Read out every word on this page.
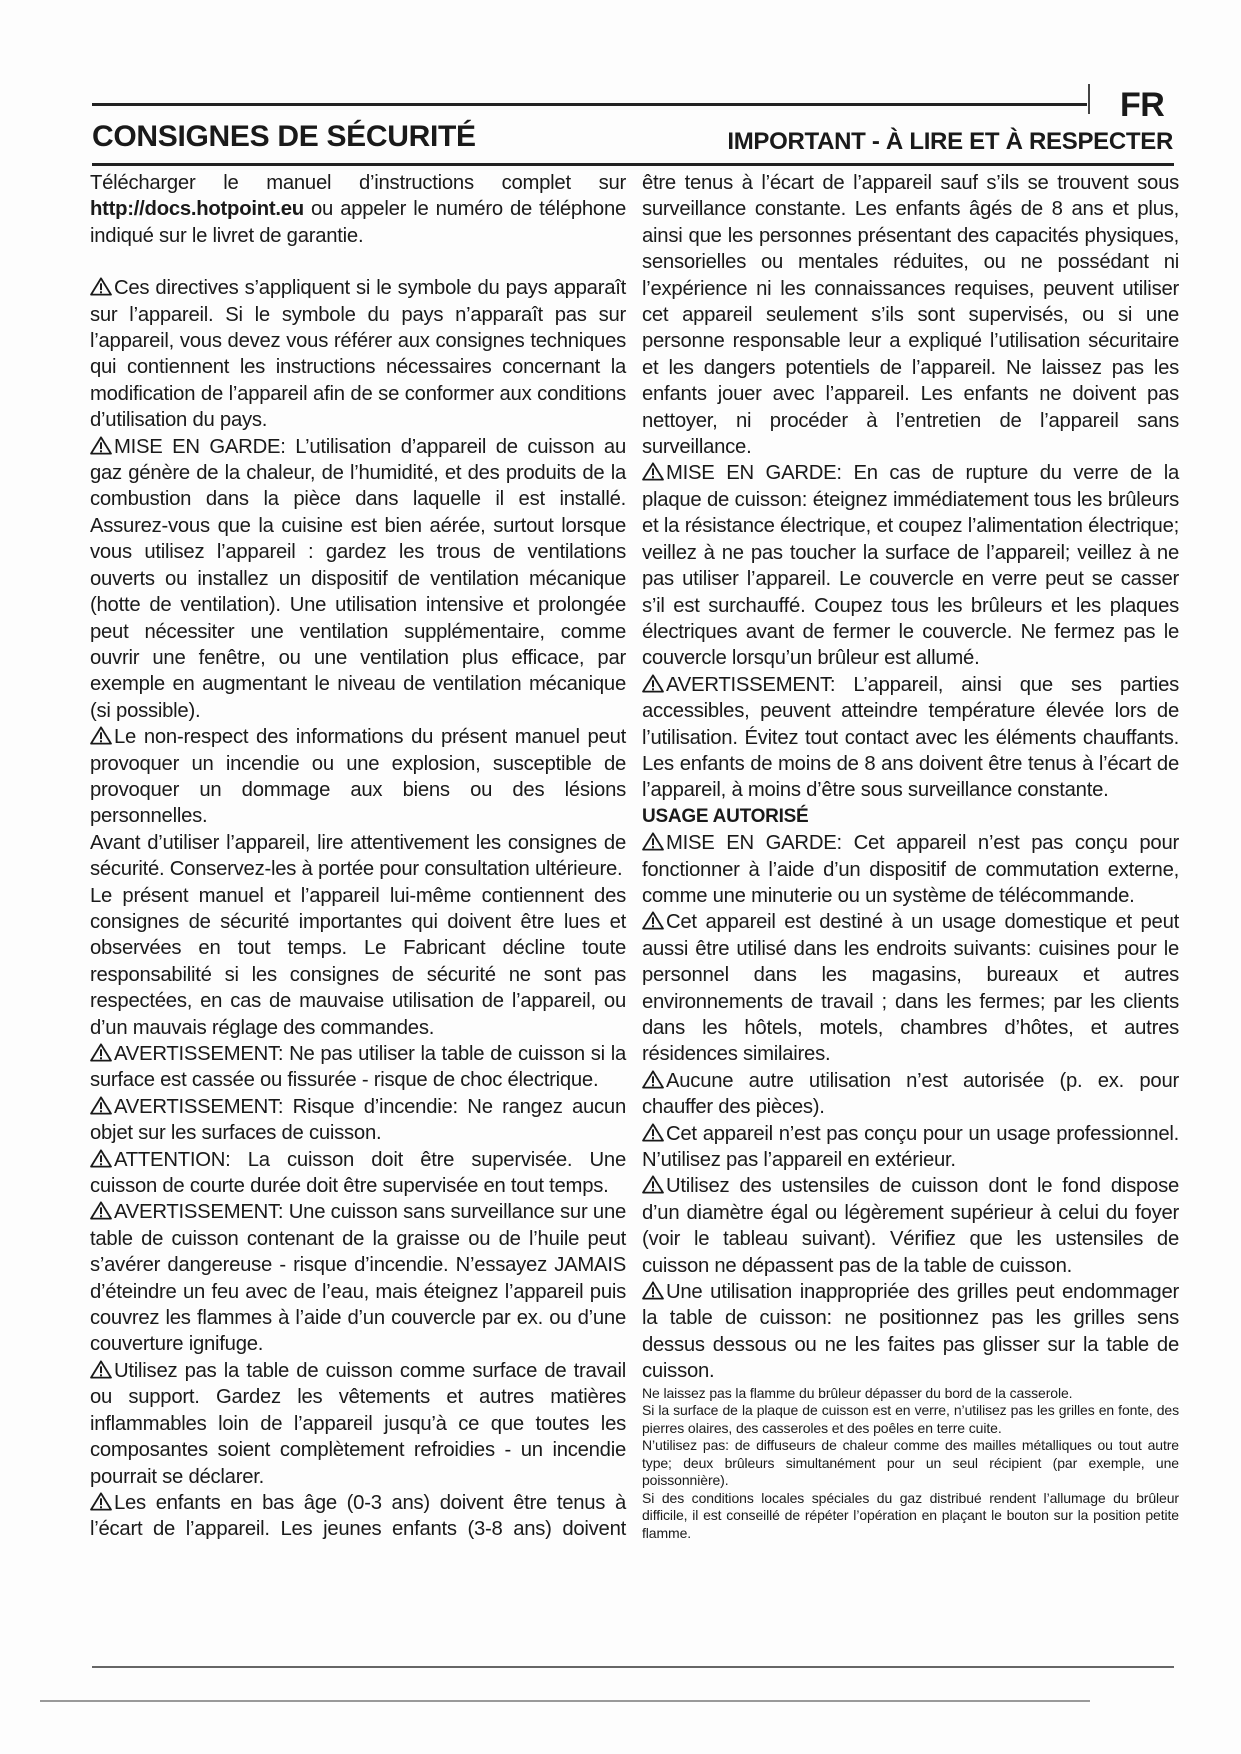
FR
CONSIGNES DE SÉCURITÉ	IMPORTANT - À LIRE ET À RESPECTER

Télécharger le manuel d’instructions complet sur http://docs.hotpoint.eu ou appeler le numéro de téléphone indiqué sur le livret de garantie.

Ces directives s’appliquent si le symbole du pays apparaît sur l’appareil. Si le symbole du pays n’apparaît pas sur l’appareil, vous devez vous référer aux consignes techniques qui contiennent les instructions nécessaires concernant la modification de l’appareil afin de se conformer aux conditions d’utilisation du pays.

MISE EN GARDE: L’utilisation d’appareil de cuisson au gaz génère de la chaleur, de l’humidité, et des produits de la combustion dans la pièce dans laquelle il est installé. Assurez-vous que la cuisine est bien aérée, surtout lorsque vous utilisez l’appareil : gardez les trous de ventilations ouverts ou installez un dispositif de ventilation mécanique (hotte de ventilation). Une utilisation intensive et prolongée peut nécessiter une ventilation supplémentaire, comme ouvrir une fenêtre, ou une ventilation plus efficace, par exemple en augmentant le niveau de ventilation mécanique (si possible).

Le non-respect des informations du présent manuel peut provoquer un incendie ou une explosion, susceptible de provoquer un dommage aux biens ou des lésions personnelles.

Avant d’utiliser l’appareil, lire attentivement les consignes de sécurité. Conservez-les à portée pour consultation ultérieure.

Le présent manuel et l’appareil lui-même contiennent des consignes de sécurité importantes qui doivent être lues et observées en tout temps. Le Fabricant décline toute responsabilité si les consignes de sécurité ne sont pas respectées, en cas de mauvaise utilisation de l’appareil, ou d’un mauvais réglage des commandes.

AVERTISSEMENT: Ne pas utiliser la table de cuisson si la surface est cassée ou fissurée - risque de choc électrique.

AVERTISSEMENT: Risque d’incendie: Ne rangez aucun objet sur les surfaces de cuisson.

ATTENTION: La cuisson doit être supervisée. Une cuisson de courte durée doit être supervisée en tout temps.

AVERTISSEMENT: Une cuisson sans surveillance sur une table de cuisson contenant de la graisse ou de l’huile peut s’avérer dangereuse - risque d’incendie. N’essayez JAMAIS d’éteindre un feu avec de l’eau, mais éteignez l’appareil puis couvrez les flammes à l’aide d’un couvercle par ex. ou d’une couverture ignifuge.

Utilisez pas la table de cuisson comme surface de travail ou support. Gardez les vêtements et autres matières inflammables loin de l’appareil jusqu’à ce que toutes les composantes soient complètement refroidies - un incendie pourrait se déclarer.

Les enfants en bas âge (0-3 ans) doivent être tenus à l’écart de l’appareil. Les jeunes enfants (3-8 ans) doivent

être tenus à l’écart de l’appareil sauf s’ils se trouvent sous surveillance constante. Les enfants âgés de 8 ans et plus, ainsi que les personnes présentant des capacités physiques, sensorielles ou mentales réduites, ou ne possédant ni l’expérience ni les connaissances requises, peuvent utiliser cet appareil seulement s’ils sont supervisés, ou si une personne responsable leur a expliqué l’utilisation sécuritaire et les dangers potentiels de l’appareil. Ne laissez pas les enfants jouer avec l’appareil. Les enfants ne doivent pas nettoyer, ni procéder à l’entretien de l’appareil sans surveillance.

MISE EN GARDE: En cas de rupture du verre de la plaque de cuisson: éteignez immédiatement tous les brûleurs et la résistance électrique, et coupez l’alimentation électrique; veillez à ne pas toucher la surface de l’appareil; veillez à ne pas utiliser l’appareil. Le couvercle en verre peut se casser s’il est surchauffé. Coupez tous les brûleurs et les plaques électriques avant de fermer le couvercle. Ne fermez pas le couvercle lorsqu’un brûleur est allumé.

AVERTISSEMENT: L’appareil, ainsi que ses parties accessibles, peuvent atteindre température élevée lors de l’utilisation. Évitez tout contact avec les éléments chauffants. Les enfants de moins de 8 ans doivent être tenus à l’écart de l’appareil, à moins d’être sous surveillance constante.

USAGE AUTORISÉ

MISE EN GARDE: Cet appareil n’est pas conçu pour fonctionner à l’aide d’un dispositif de commutation externe, comme une minuterie ou un système de télécommande.

Cet appareil est destiné à un usage domestique et peut aussi être utilisé dans les endroits suivants: cuisines pour le personnel dans les magasins, bureaux et autres environnements de travail ; dans les fermes; par les clients dans les hôtels, motels, chambres d’hôtes, et autres résidences similaires.

Aucune autre utilisation n’est autorisée (p. ex. pour chauffer des pièces).

Cet appareil n’est pas conçu pour un usage professionnel. N’utilisez pas l’appareil en extérieur.

Utilisez des ustensiles de cuisson dont le fond dispose d’un diamètre égal ou légèrement supérieur à celui du foyer (voir le tableau suivant). Vérifiez que les ustensiles de cuisson ne dépassent pas de la table de cuisson.

Une utilisation inappropriée des grilles peut endommager la table de cuisson: ne positionnez pas les grilles sens dessus dessous ou ne les faites pas glisser sur la table de cuisson.

Ne laissez pas la flamme du brûleur dépasser du bord de la casserole.

Si la surface de la plaque de cuisson est en verre, n’utilisez pas les grilles en fonte, des pierres olaires, des casseroles et des poêles en terre cuite.

N’utilisez pas: de diffuseurs de chaleur comme des mailles métalliques ou tout autre type; deux brûleurs simultanément pour un seul récipient (par exemple, une poissonnière).

Si des conditions locales spéciales du gaz distribué rendent l’allumage du brûleur difficile, il est conseillé de répéter l’opération en plaçant le bouton sur la position petite flamme.
